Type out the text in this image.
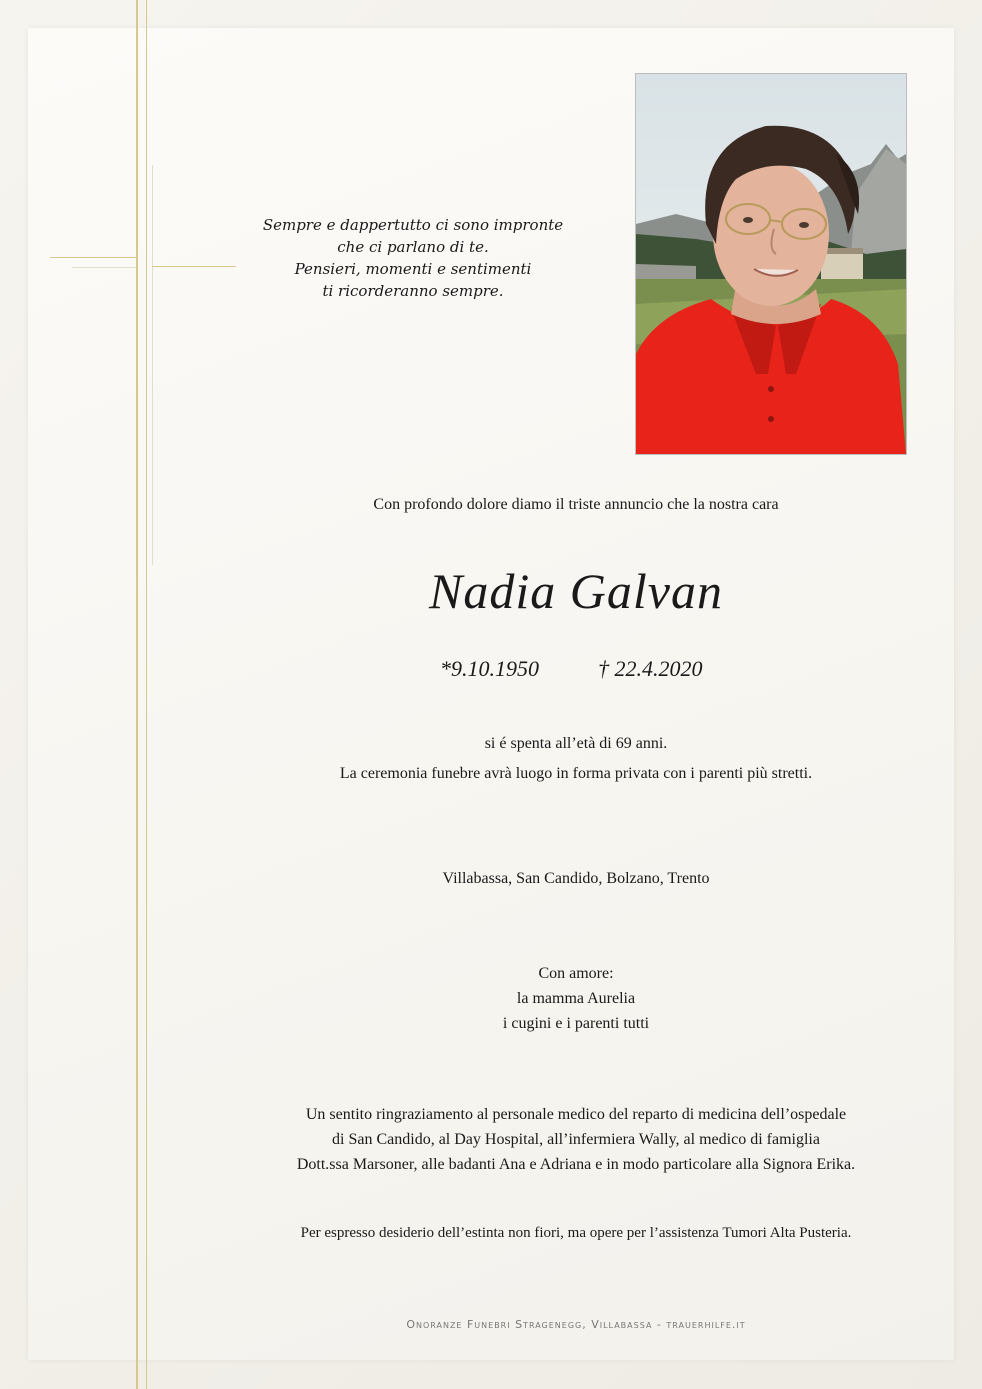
Sempre e dappertutto ci sono impronte
che ci parlano di te.
Pensieri, momenti e sentimenti
ti ricorderanno sempre.
Con profondo dolore diamo il triste annuncio che la nostra cara
Nadia Galvan
*9.10.1950	† 22.4.2020
si é spenta all’età di 69 anni.
La ceremonia funebre avrà luogo in forma privata con i parenti più stretti.
Villabassa, San Candido, Bolzano, Trento
Con amore:
la mamma Aurelia
i cugini e i parenti tutti
Un sentito ringraziamento al personale medico del reparto di medicina dell’ospedale
di San Candido, al Day Hospital, all’infermiera Wally, al medico di famiglia
Dott.ssa Marsoner, alle badanti Ana e Adriana e in modo particolare alla Signora Erika.
Per espresso desiderio dell’estinta non fiori, ma opere per l’assistenza Tumori Alta Pusteria.
Onoranze Funebri Stragenegg, Villabassa - trauerhilfe.it
